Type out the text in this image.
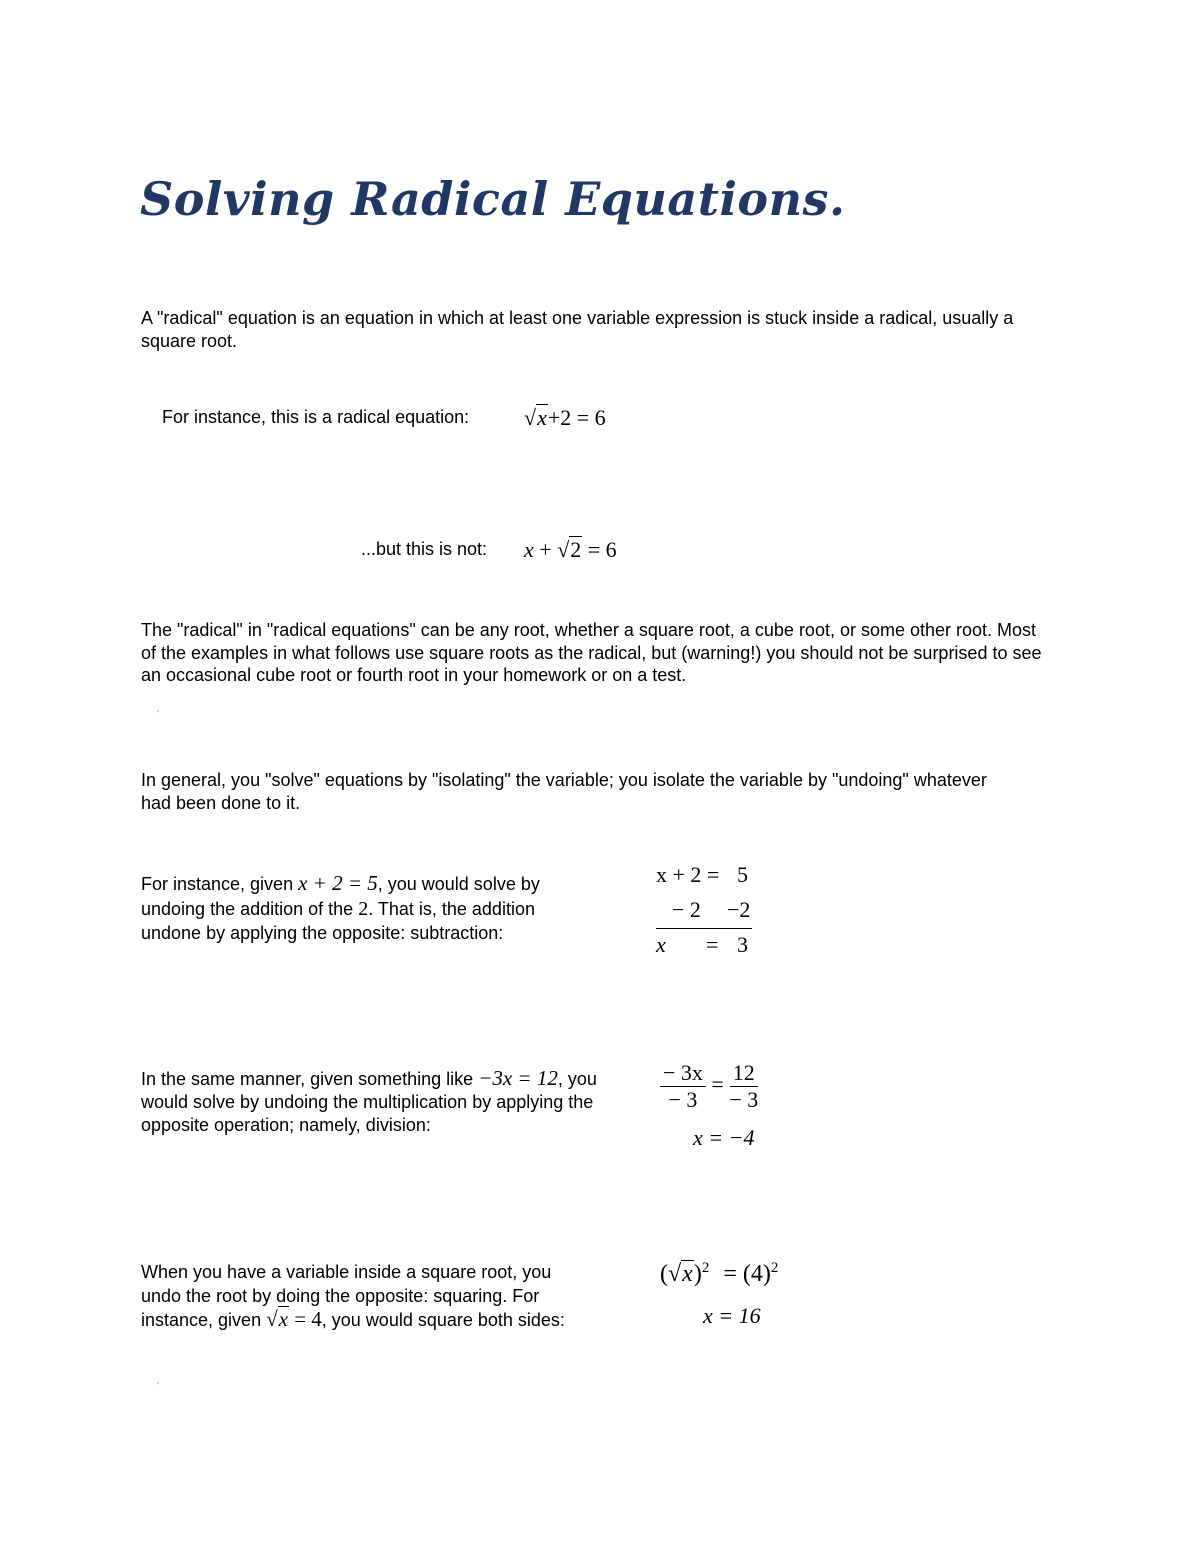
Solving Radical Equations.
A "radical" equation is an equation in which at least one variable expression is stuck inside a radical, usually a square root.
For instance, this is a radical equation: √x+2 = 6
...but this is not: x + √2 = 6
The "radical" in "radical equations" can be any root, whether a square root, a cube root, or some other root. Most of the examples in what follows use square roots as the radical, but (warning!) you should not be surprised to see an occasional cube root or fourth root in your homework or on a test.
'
In general, you "solve" equations by "isolating" the variable; you isolate the variable by "undoing" whatever had been done to it.
For instance, given x + 2 = 5, you would solve by undoing the addition of the 2. That is, the addition undone by applying the opposite: subtraction:
x + 2 = 5
− 2 −2
x = 3
In the same manner, given something like −3x = 12, you would solve by undoing the multiplication by applying the opposite operation; namely, division:
$\frac{- 3x}{- 3} = \frac{12}{- 3}$
x = −4
When you have a variable inside a square root, you undo the root by doing the opposite: squaring. For instance, given √x = 4, you would square both sides:
$(√x)^2 = (4)^2$
x = 16
'
